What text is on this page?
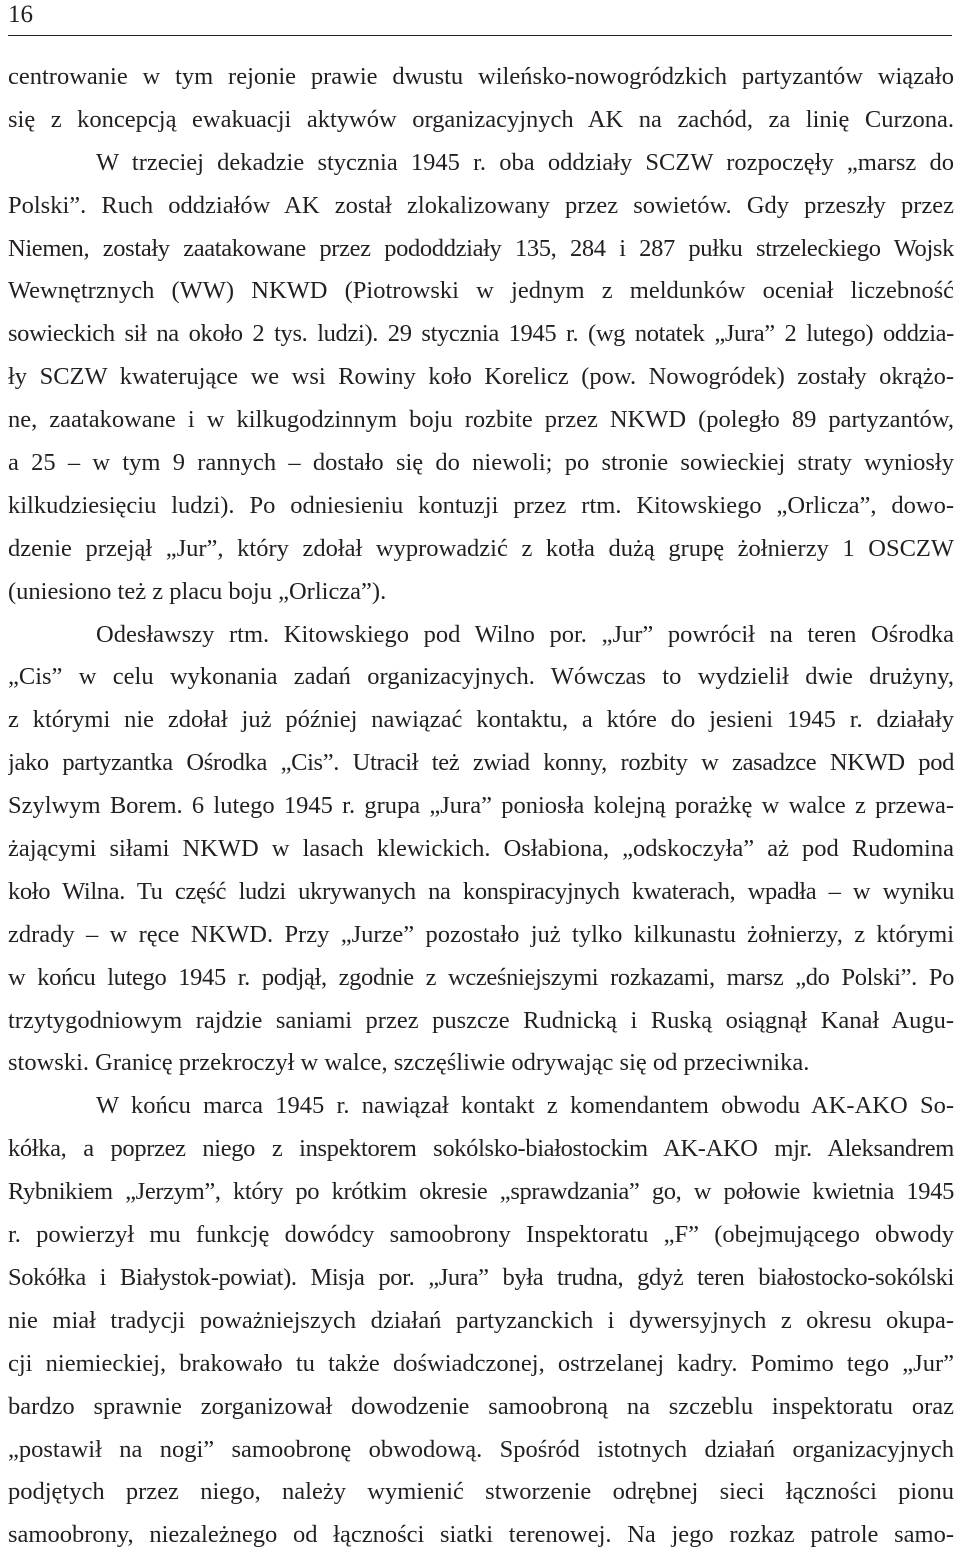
16
centrowanie w tym rejonie prawie dwustu wileńsko-nowogródzkich partyzantów wiązało
się z koncepcją ewakuacji aktywów organizacyjnych AK na zachód, za linię Curzona.
W trzeciej dekadzie stycznia 1945 r. oba oddziały SCZW rozpoczęły „marsz do
Polski”. Ruch oddziałów AK został zlokalizowany przez sowietów. Gdy przeszły przez
Niemen, zostały zaatakowane przez pododdziały 135, 284 i 287 pułku strzeleckiego Wojsk
Wewnętrznych (WW) NKWD (Piotrowski w jednym z meldunków oceniał liczebność
sowieckich sił na około 2 tys. ludzi). 29 stycznia 1945 r. (wg notatek „Jura” 2 lutego) oddzia-
ły SCZW kwaterujące we wsi Rowiny koło Korelicz (pow. Nowogródek) zostały okrążo-
ne, zaatakowane i w kilkugodzinnym boju rozbite przez NKWD (poległo 89 partyzantów,
a 25 – w tym 9 rannych – dostało się do niewoli; po stronie sowieckiej straty wyniosły
kilkudziesięciu ludzi). Po odniesieniu kontuzji przez rtm. Kitowskiego „Orlicza”, dowo-
dzenie przejął „Jur”, który zdołał wyprowadzić z kotła dużą grupę żołnierzy 1 OSCZW
(uniesiono też z placu boju „Orlicza”).
Odesławszy rtm. Kitowskiego pod Wilno por. „Jur” powrócił na teren Ośrodka
„Cis” w celu wykonania zadań organizacyjnych. Wówczas to wydzielił dwie drużyny,
z którymi nie zdołał już później nawiązać kontaktu, a które do jesieni 1945 r. działały
jako partyzantka Ośrodka „Cis”. Utracił też zwiad konny, rozbity w zasadzce NKWD pod
Szylwym Borem. 6 lutego 1945 r. grupa „Jura” poniosła kolejną porażkę w walce z przewa-
żającymi siłami NKWD w lasach klewickich. Osłabiona, „odskoczyła” aż pod Rudomina
koło Wilna. Tu część ludzi ukrywanych na konspiracyjnych kwaterach, wpadła – w wyniku
zdrady – w ręce NKWD. Przy „Jurze” pozostało już tylko kilkunastu żołnierzy, z którymi
w końcu lutego 1945 r. podjął, zgodnie z wcześniejszymi rozkazami, marsz „do Polski”. Po
trzytygodniowym rajdzie saniami przez puszcze Rudnicką i Ruską osiągnął Kanał Augu-
stowski. Granicę przekroczył w walce, szczęśliwie odrywając się od przeciwnika.
W końcu marca 1945 r. nawiązał kontakt z komendantem obwodu AK-AKO So-
kółka, a poprzez niego z inspektorem sokólsko-białostockim AK-AKO mjr. Aleksandrem
Rybnikiem „Jerzym”, który po krótkim okresie „sprawdzania” go, w połowie kwietnia 1945
r. powierzył mu funkcję dowódcy samoobrony Inspektoratu „F” (obejmującego obwody
Sokółka i Białystok-powiat). Misja por. „Jura” była trudna, gdyż teren białostocko-sokólski
nie miał tradycji poważniejszych działań partyzanckich i dywersyjnych z okresu okupa-
cji niemieckiej, brakowało tu także doświadczonej, ostrzelanej kadry. Pomimo tego „Jur”
bardzo sprawnie zorganizował dowodzenie samoobroną na szczeblu inspektoratu oraz
„postawił na nogi” samoobronę obwodową. Spośród istotnych działań organizacyjnych
podjętych przez niego, należy wymienić stworzenie odrębnej sieci łączności pionu
samoobrony, niezależnego od łączności siatki terenowej. Na jego rozkaz patrole samo-
